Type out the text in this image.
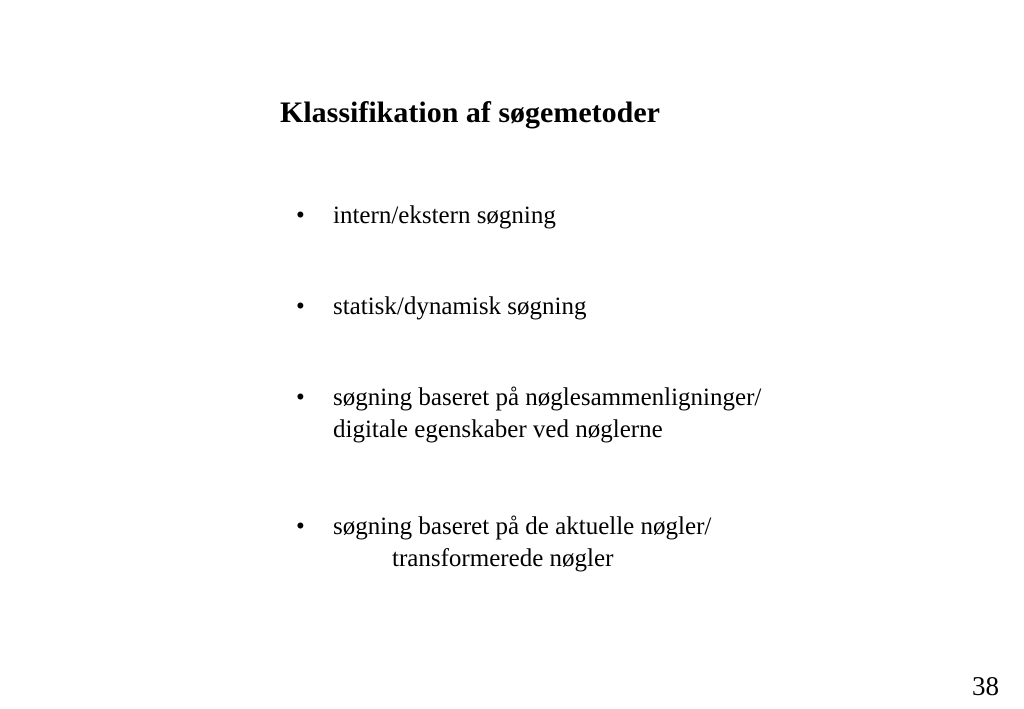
Klassifikation af søgemetoder
•	intern/ekstern søgning
•	statisk/dynamisk søgning
•	søgning baseret på nøglesammenligninger/
digitale egenskaber ved nøglerne
•	søgning baseret på de aktuelle nøgler/
transformerede nøgler
38
